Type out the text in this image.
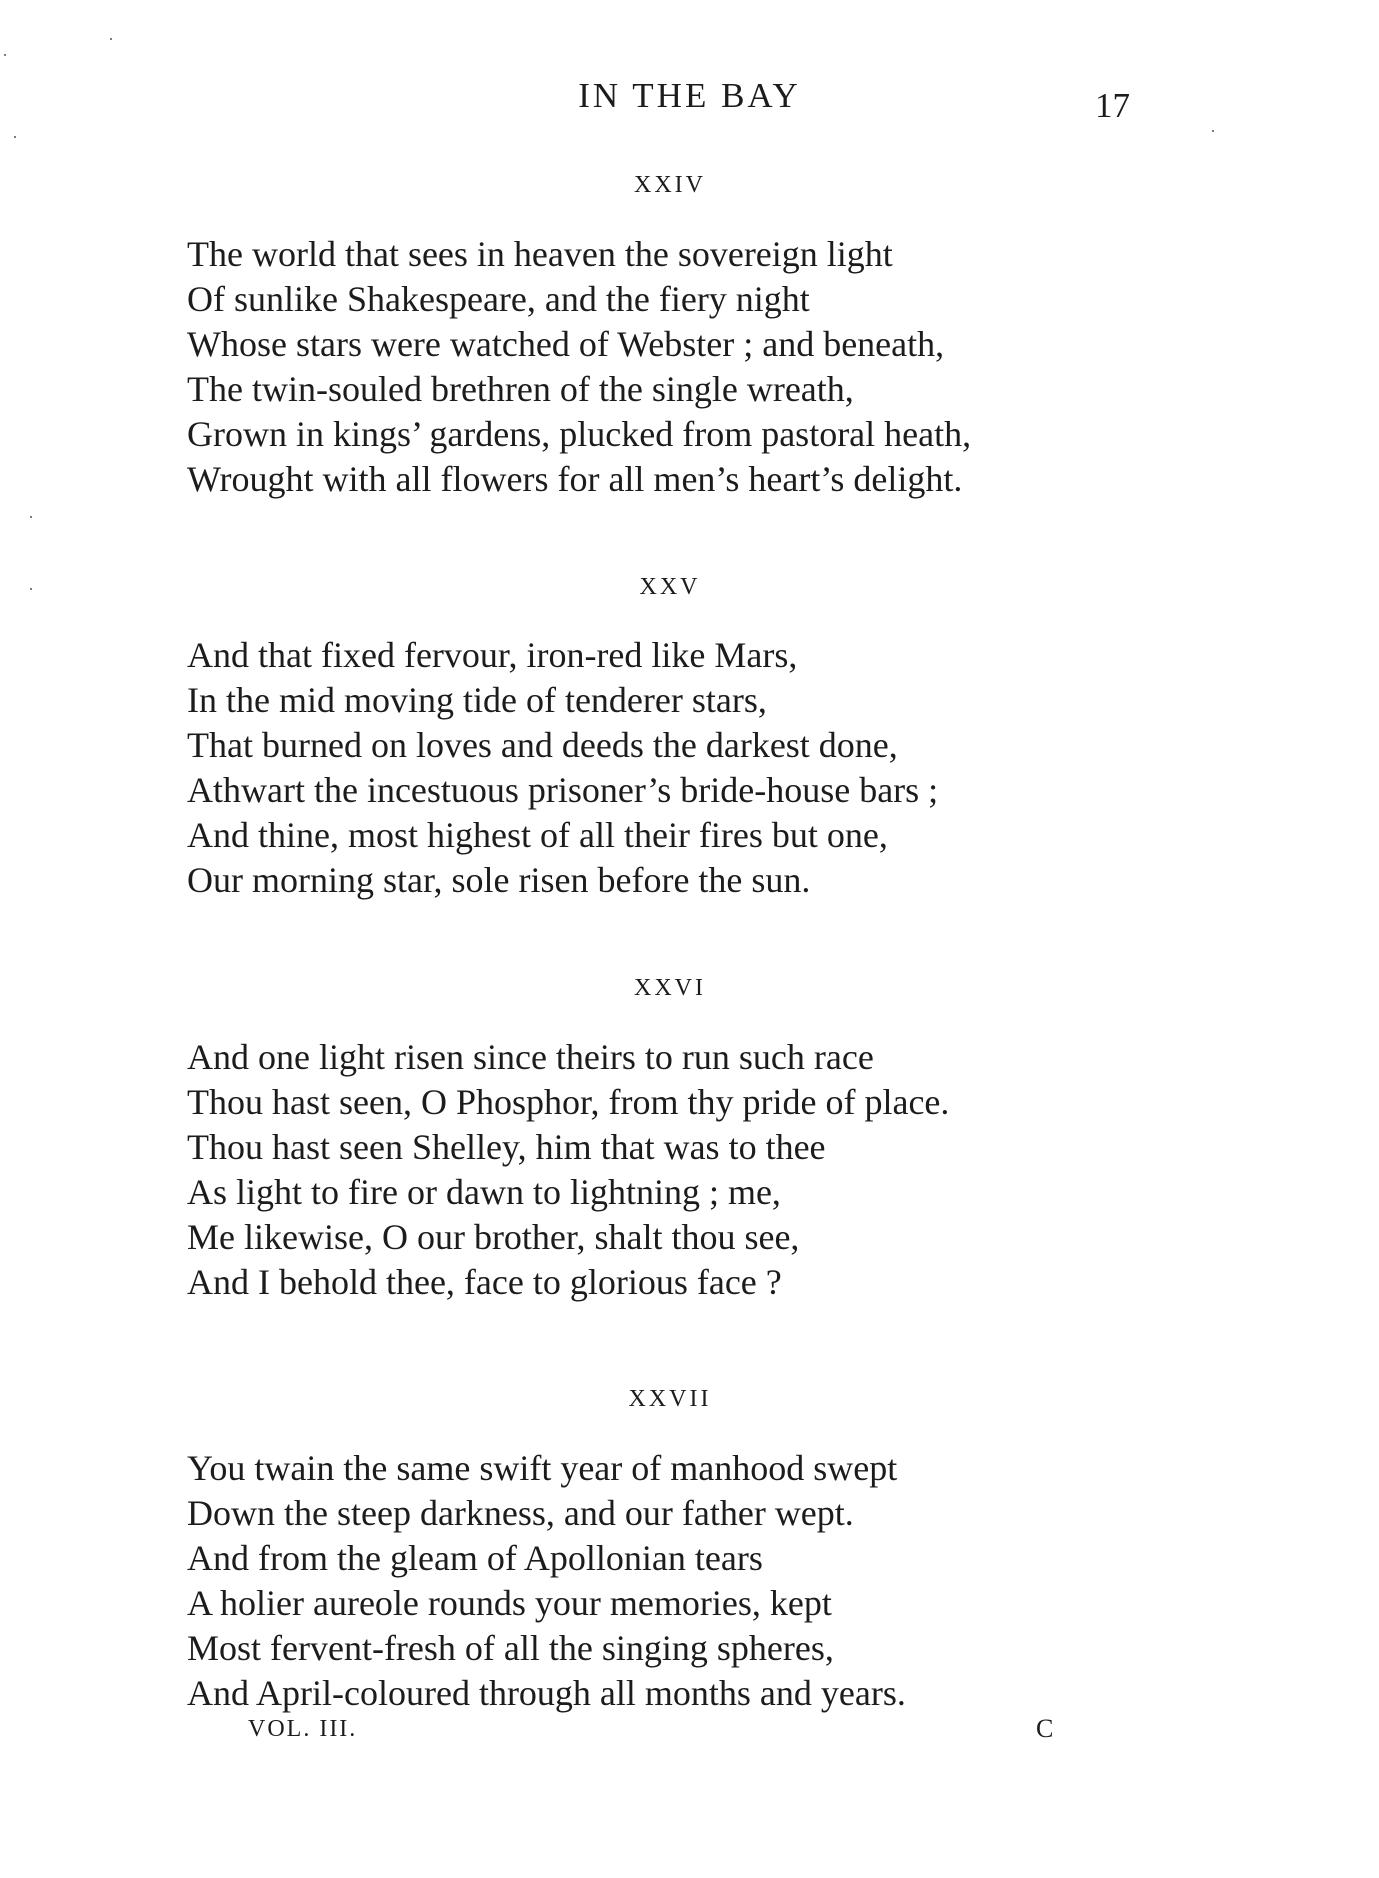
IN THE BAY	17
XXIV
The world that sees in heaven the sovereign light
Of sunlike Shakespeare, and the fiery night
Whose stars were watched of Webster ; and beneath,
The twin-souled brethren of the single wreath,
Grown in kings’ gardens, plucked from pastoral heath,
Wrought with all flowers for all men’s heart’s delight.
XXV
And that fixed fervour, iron-red like Mars,
In the mid moving tide of tenderer stars,
That burned on loves and deeds the darkest done,
Athwart the incestuous prisoner’s bride-house bars ;
And thine, most highest of all their fires but one,
Our morning star, sole risen before the sun.
XXVI
And one light risen since theirs to run such race
Thou hast seen, O Phosphor, from thy pride of place.
Thou hast seen Shelley, him that was to thee
As light to fire or dawn to lightning ; me,
Me likewise, O our brother, shalt thou see,
And I behold thee, face to glorious face ?
XXVII
You twain the same swift year of manhood swept
Down the steep darkness, and our father wept.
And from the gleam of Apollonian tears
A holier aureole rounds your memories, kept
Most fervent-fresh of all the singing spheres,
And April-coloured through all months and years.
VOL. III.	C
